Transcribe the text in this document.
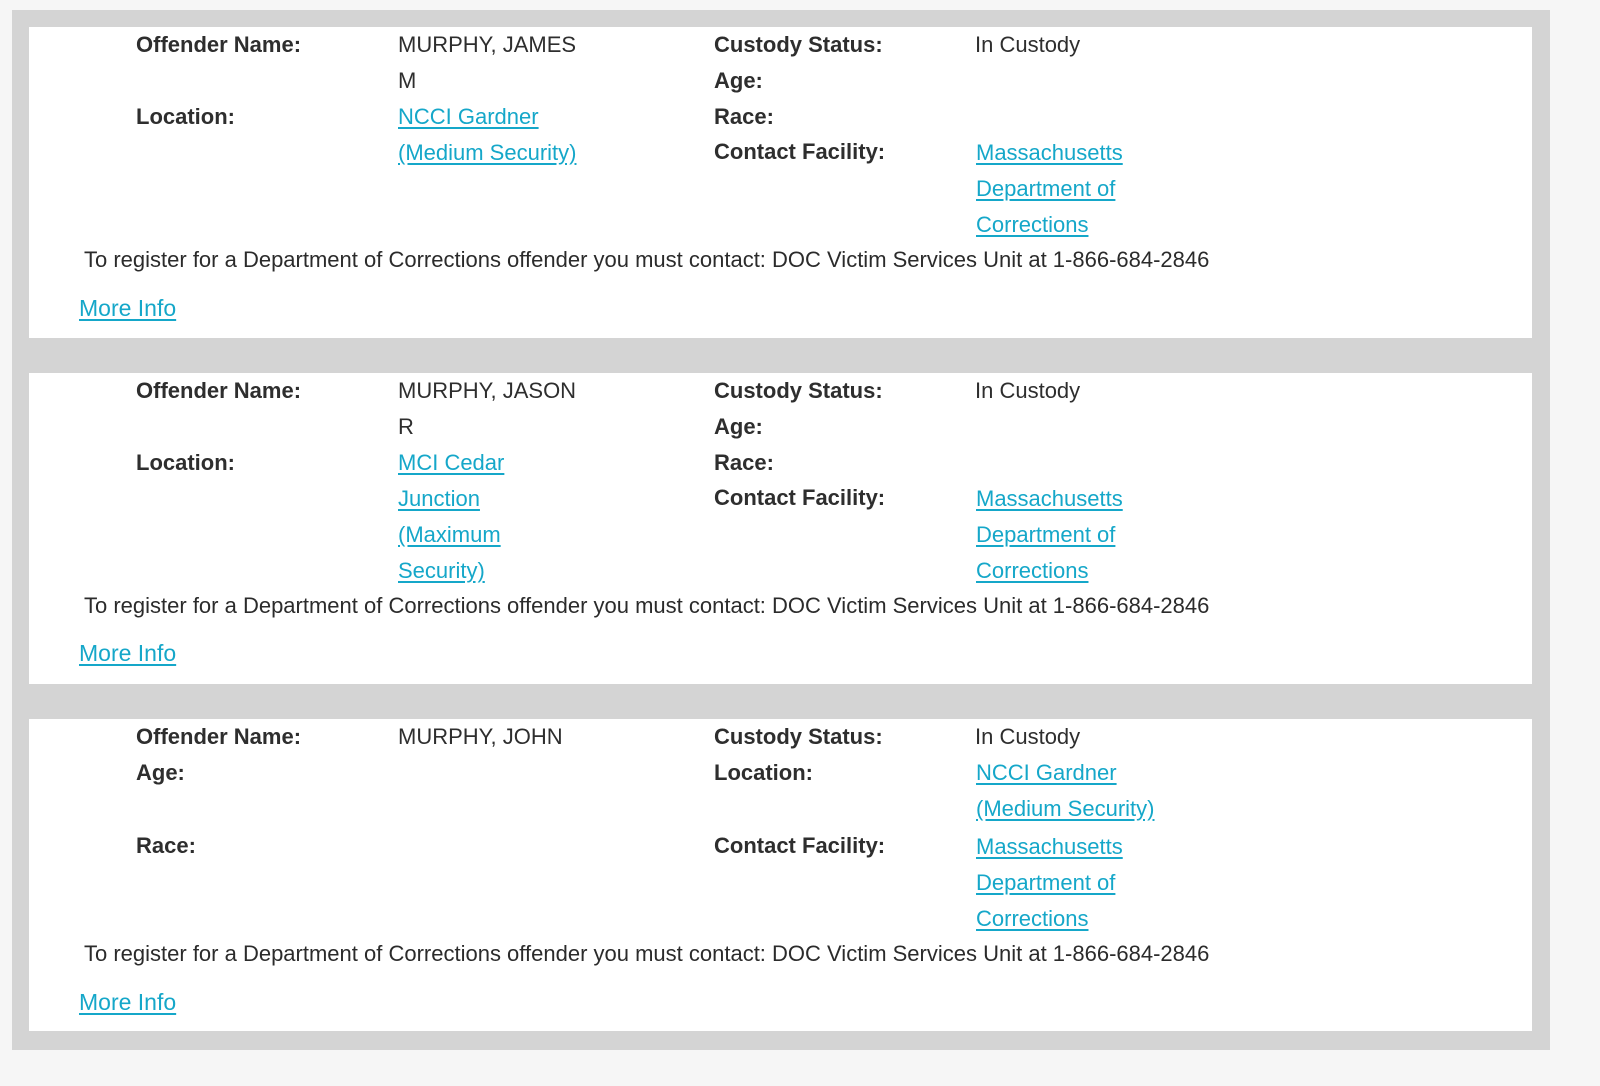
Offender Name:	MURPHY, JAMES
M
Location:	NCCI Gardner
(Medium Security)
Custody Status:	In Custody
Age:
Race:
Contact Facility:	Massachusetts
Department of
Corrections
To register for a Department of Corrections offender you must contact: DOC Victim Services Unit at 1-866-684-2846
More Info
Offender Name:	MURPHY, JASON
R
Location:	MCI Cedar
Junction
(Maximum
Security)
Custody Status:	In Custody
Age:
Race:
Contact Facility:	Massachusetts
Department of
Corrections
To register for a Department of Corrections offender you must contact: DOC Victim Services Unit at 1-866-684-2846
More Info
Offender Name:	MURPHY, JOHN
Age:
Race:
Custody Status:	In Custody
Location:	NCCI Gardner
(Medium Security)
Contact Facility:	Massachusetts
Department of
Corrections
To register for a Department of Corrections offender you must contact: DOC Victim Services Unit at 1-866-684-2846
More Info
